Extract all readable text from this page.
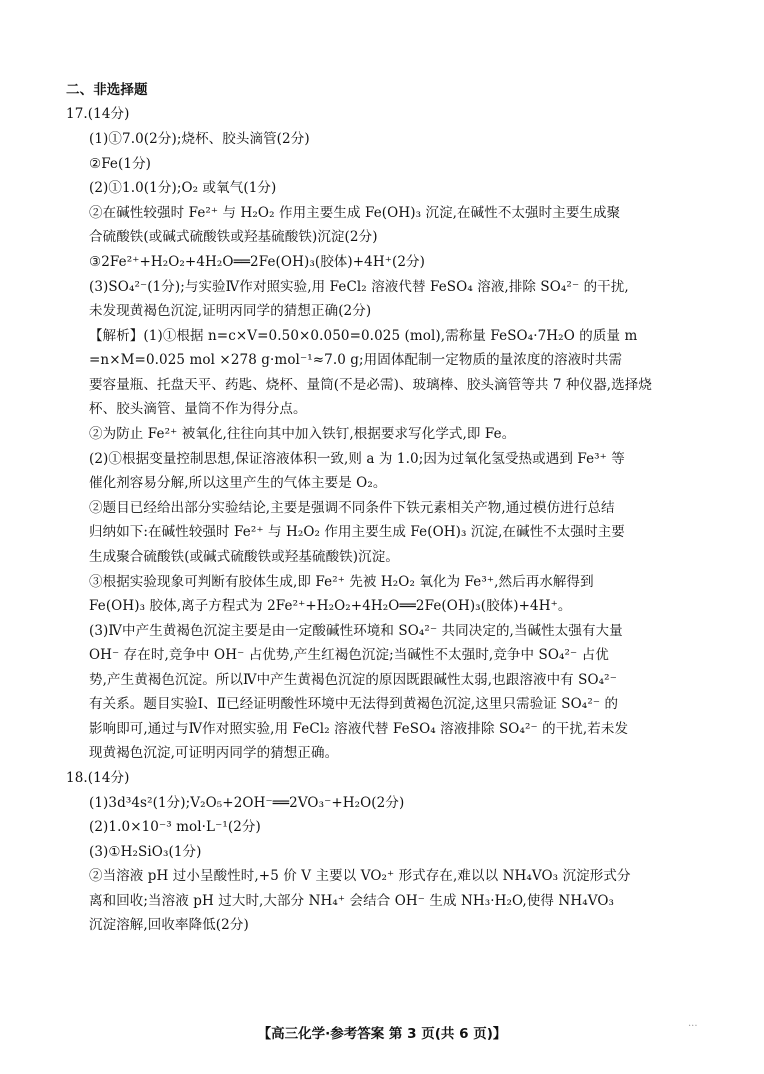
二、非选择题
17.(14分)
(1)①7.0(2分);烧杯、胶头滴管(2分)
②Fe(1分)
(2)①1.0(1分);O₂ 或氧气(1分)
②在碱性较强时 Fe²⁺ 与 H₂O₂ 作用主要生成 Fe(OH)₃ 沉淀,在碱性不太强时主要生成聚
合硫酸铁(或碱式硫酸铁或羟基硫酸铁)沉淀(2分)
③2Fe²⁺+H₂O₂+4H₂O══2Fe(OH)₃(胶体)+4H⁺(2分)
(3)SO₄²⁻(1分);与实验Ⅳ作对照实验,用 FeCl₂ 溶液代替 FeSO₄ 溶液,排除 SO₄²⁻ 的干扰,
未发现黄褐色沉淀,证明丙同学的猜想正确(2分)
【解析】(1)①根据 n=c×V=0.50×0.050=0.025 (mol),需称量 FeSO₄·7H₂O 的质量 m
=n×M=0.025 mol ×278 g·mol⁻¹≈7.0 g;用固体配制一定物质的量浓度的溶液时共需
要容量瓶、托盘天平、药匙、烧杯、量筒(不是必需)、玻璃棒、胶头滴管等共 7 种仪器,选择烧
杯、胶头滴管、量筒不作为得分点。
②为防止 Fe²⁺ 被氧化,往往向其中加入铁钉,根据要求写化学式,即 Fe。
(2)①根据变量控制思想,保证溶液体积一致,则 a 为 1.0;因为过氧化氢受热或遇到 Fe³⁺ 等
催化剂容易分解,所以这里产生的气体主要是 O₂。
②题目已经给出部分实验结论,主要是强调不同条件下铁元素相关产物,通过模仿进行总结
归纳如下:在碱性较强时 Fe²⁺ 与 H₂O₂ 作用主要生成 Fe(OH)₃ 沉淀,在碱性不太强时主要
生成聚合硫酸铁(或碱式硫酸铁或羟基硫酸铁)沉淀。
③根据实验现象可判断有胶体生成,即 Fe²⁺ 先被 H₂O₂ 氧化为 Fe³⁺,然后再水解得到
Fe(OH)₃ 胶体,离子方程式为 2Fe²⁺+H₂O₂+4H₂O══2Fe(OH)₃(胶体)+4H⁺。
(3)Ⅳ中产生黄褐色沉淀主要是由一定酸碱性环境和 SO₄²⁻ 共同决定的,当碱性太强有大量
OH⁻ 存在时,竞争中 OH⁻ 占优势,产生红褐色沉淀;当碱性不太强时,竞争中 SO₄²⁻ 占优
势,产生黄褐色沉淀。所以Ⅳ中产生黄褐色沉淀的原因既跟碱性太弱,也跟溶液中有 SO₄²⁻
有关系。题目实验Ⅰ、Ⅱ已经证明酸性环境中无法得到黄褐色沉淀,这里只需验证 SO₄²⁻ 的
影响即可,通过与Ⅳ作对照实验,用 FeCl₂ 溶液代替 FeSO₄ 溶液排除 SO₄²⁻ 的干扰,若未发
现黄褐色沉淀,可证明丙同学的猜想正确。
18.(14分)
(1)3d³4s²(1分);V₂O₅+2OH⁻══2VO₃⁻+H₂O(2分)
(2)1.0×10⁻³ mol·L⁻¹(2分)
(3)①H₂SiO₃(1分)
②当溶液 pH 过小呈酸性时,+5 价 V 主要以 VO₂⁺ 形式存在,难以以 NH₄VO₃ 沉淀形式分
离和回收;当溶液 pH 过大时,大部分 NH₄⁺ 会结合 OH⁻ 生成 NH₃·H₂O,使得 NH₄VO₃
沉淀溶解,回收率降低(2分)
【高三化学·参考答案 第 3 页(共 6 页)】
...
